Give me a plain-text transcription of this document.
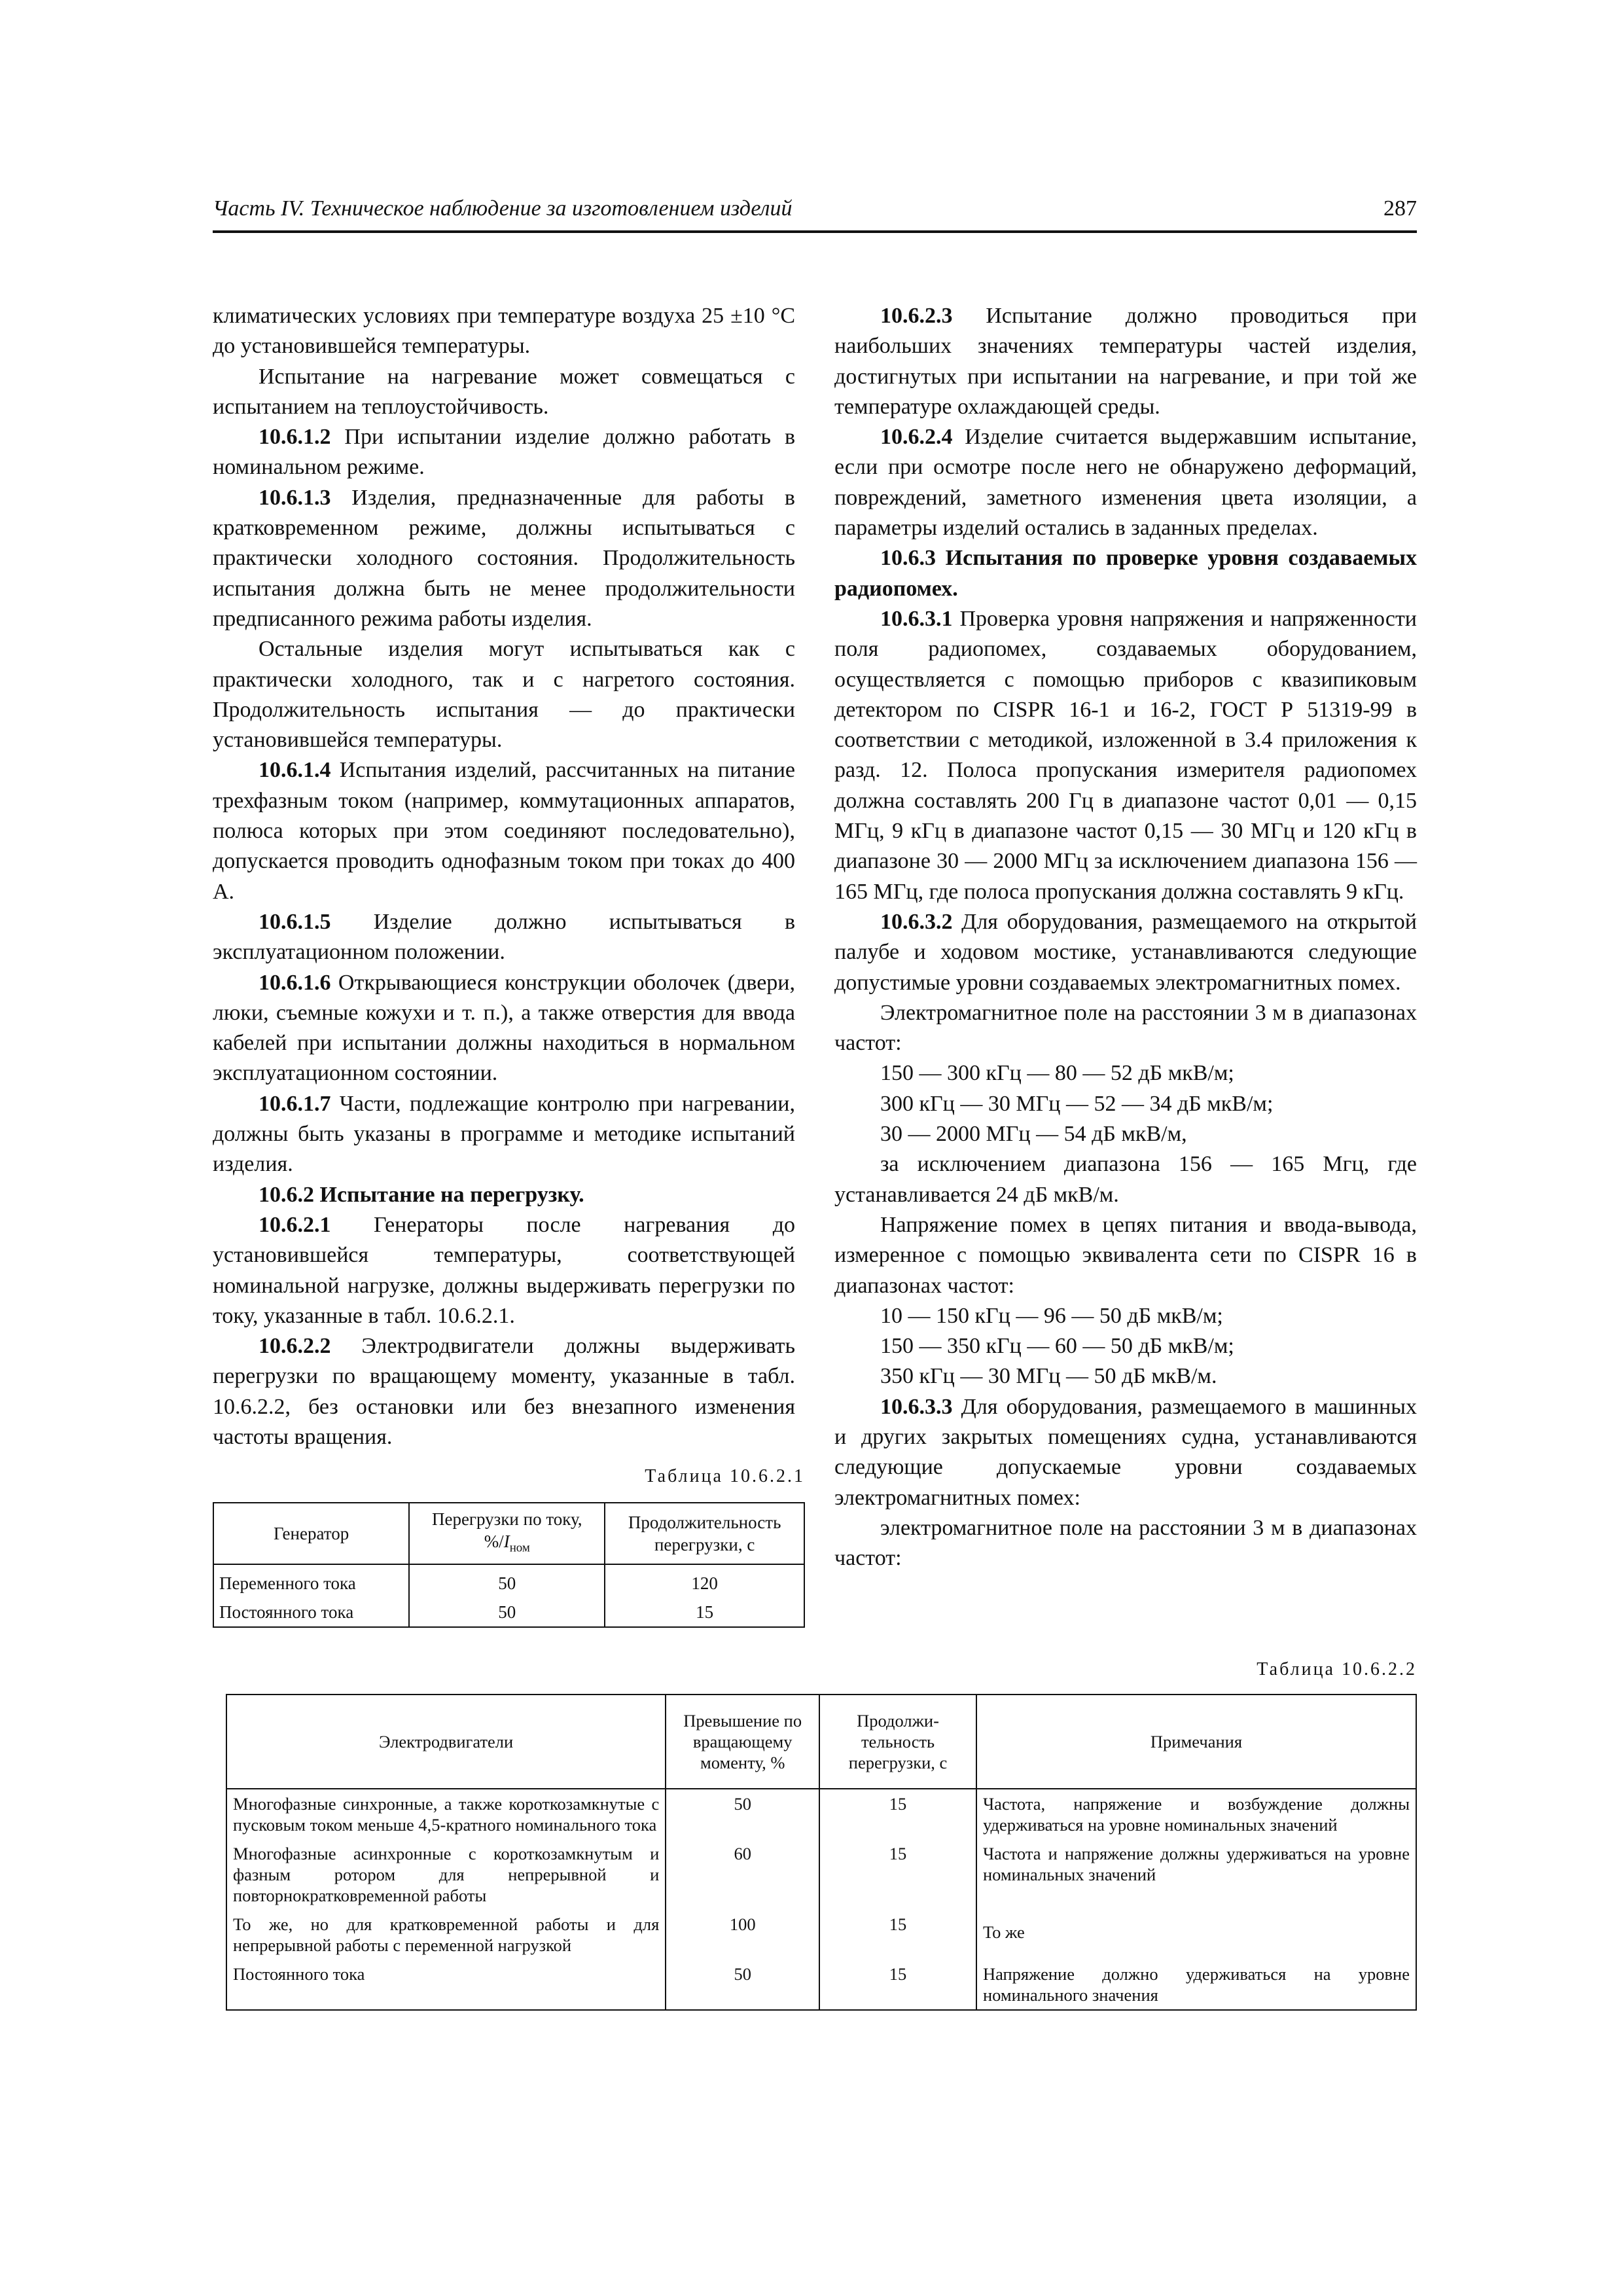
Часть IV. Техническое наблюдение за изготовлением изделий	287

климатических условиях при температуре воздуха 25 ±10 °С до установившейся температуры.

Испытание на нагревание может совмещаться с испытанием на теплоустойчивость.

10.6.1.2 При испытании изделие должно работать в номинальном режиме.

10.6.1.3 Изделия, предназначенные для работы в кратковременном режиме, должны испытываться с практически холодного состояния. Продолжительность испытания должна быть не менее продолжительности предписанного режима работы изделия.

Остальные изделия могут испытываться как с практически холодного, так и с нагретого состояния. Продолжительность испытания — до практически установившейся температуры.

10.6.1.4 Испытания изделий, рассчитанных на питание трехфазным током (например, коммутационных аппаратов, полюса которых при этом соединяют последовательно), допускается проводить однофазным током при токах до 400 А.

10.6.1.5 Изделие должно испытываться в эксплуатационном положении.

10.6.1.6 Открывающиеся конструкции оболочек (двери, люки, съемные кожухи и т. п.), а также отверстия для ввода кабелей при испытании должны находиться в нормальном эксплуатационном состоянии.

10.6.1.7 Части, подлежащие контролю при нагревании, должны быть указаны в программе и методике испытаний изделия.

10.6.2 Испытание на перегрузку.

10.6.2.1 Генераторы после нагревания до установившейся температуры, соответствующей номинальной нагрузке, должны выдерживать перегрузки по току, указанные в табл. 10.6.2.1.

10.6.2.2 Электродвигатели должны выдерживать перегрузки по вращающему моменту, указанные в табл. 10.6.2.2, без остановки или без внезапного изменения частоты вращения.

Таблица 10.6.2.1
Генератор	Перегрузки по току, $\%/I_{ном}$	Продолжительность перегрузки, с
Переменного тока	50	120
Постоянного тока	50	15

10.6.2.3 Испытание должно проводиться при наибольших значениях температуры частей изделия, достигнутых при испытании на нагревание, и при той же температуре охлаждающей среды.

10.6.2.4 Изделие считается выдержавшим испытание, если при осмотре после него не обнаружено деформаций, повреждений, заметного изменения цвета изоляции, а параметры изделий остались в заданных пределах.

10.6.3 Испытания по проверке уровня создаваемых радиопомех.

10.6.3.1 Проверка уровня напряжения и напряженности поля радиопомех, создаваемых оборудованием, осуществляется с помощью приборов с квазипиковым детектором по CISPR 16-1 и 16-2, ГОСТ Р 51319-99 в соответствии с методикой, изложенной в 3.4 приложения к разд. 12. Полоса пропускания измерителя радиопомех должна составлять 200 Гц в диапазоне частот 0,01 — 0,15 МГц, 9 кГц в диапазоне частот 0,15 — 30 МГц и 120 кГц в диапазоне 30 — 2000 МГц за исключением диапазона 156 — 165 МГц, где полоса пропускания должна составлять 9 кГц.

10.6.3.2 Для оборудования, размещаемого на открытой палубе и ходовом мостике, устанавливаются следующие допустимые уровни создаваемых электромагнитных помех.

Электромагнитное поле на расстоянии 3 м в диапазонах частот:

150 — 300 кГц — 80 — 52 дБ мкВ/м;

300 кГц — 30 МГц — 52 — 34 дБ мкВ/м;

30 — 2000 МГц — 54 дБ мкВ/м,

за исключением диапазона 156 — 165 Мгц, где устанавливается 24 дБ мкВ/м.

Напряжение помех в цепях питания и ввода-вывода, измеренное с помощью эквивалента сети по CISPR 16 в диапазонах частот:

10 — 150 кГц — 96 — 50 дБ мкВ/м;

150 — 350 кГц — 60 — 50 дБ мкВ/м;

350 кГц — 30 МГц — 50 дБ мкВ/м.

10.6.3.3 Для оборудования, размещаемого в машинных и других закрытых помещениях судна, устанавливаются следующие допускаемые уровни создаваемых электромагнитных помех:

электромагнитное поле на расстоянии 3 м в диапазонах частот:

Таблица 10.6.2.2
Электродвигатели	Превышение по вращающему моменту, %	Продолжи-тельность перегрузки, с	Примечания
Многофазные синхронные, а также короткозамкнутые с пусковым током меньше 4,5-кратного номинального тока	50	15	Частота, напряжение и возбуждение должны удерживаться на уровне номинальных значений
Многофазные асинхронные с короткозамкнутым и фазным ротором для непрерывной и повторнократковременной работы	60	15	Частота и напряжение должны удерживаться на уровне номинальных значений
То же, но для кратковременной работы и для непрерывной работы с переменной нагрузкой	100	15	То же
Постоянного тока	50	15	Напряжение должно удерживаться на уровне номинального значения
